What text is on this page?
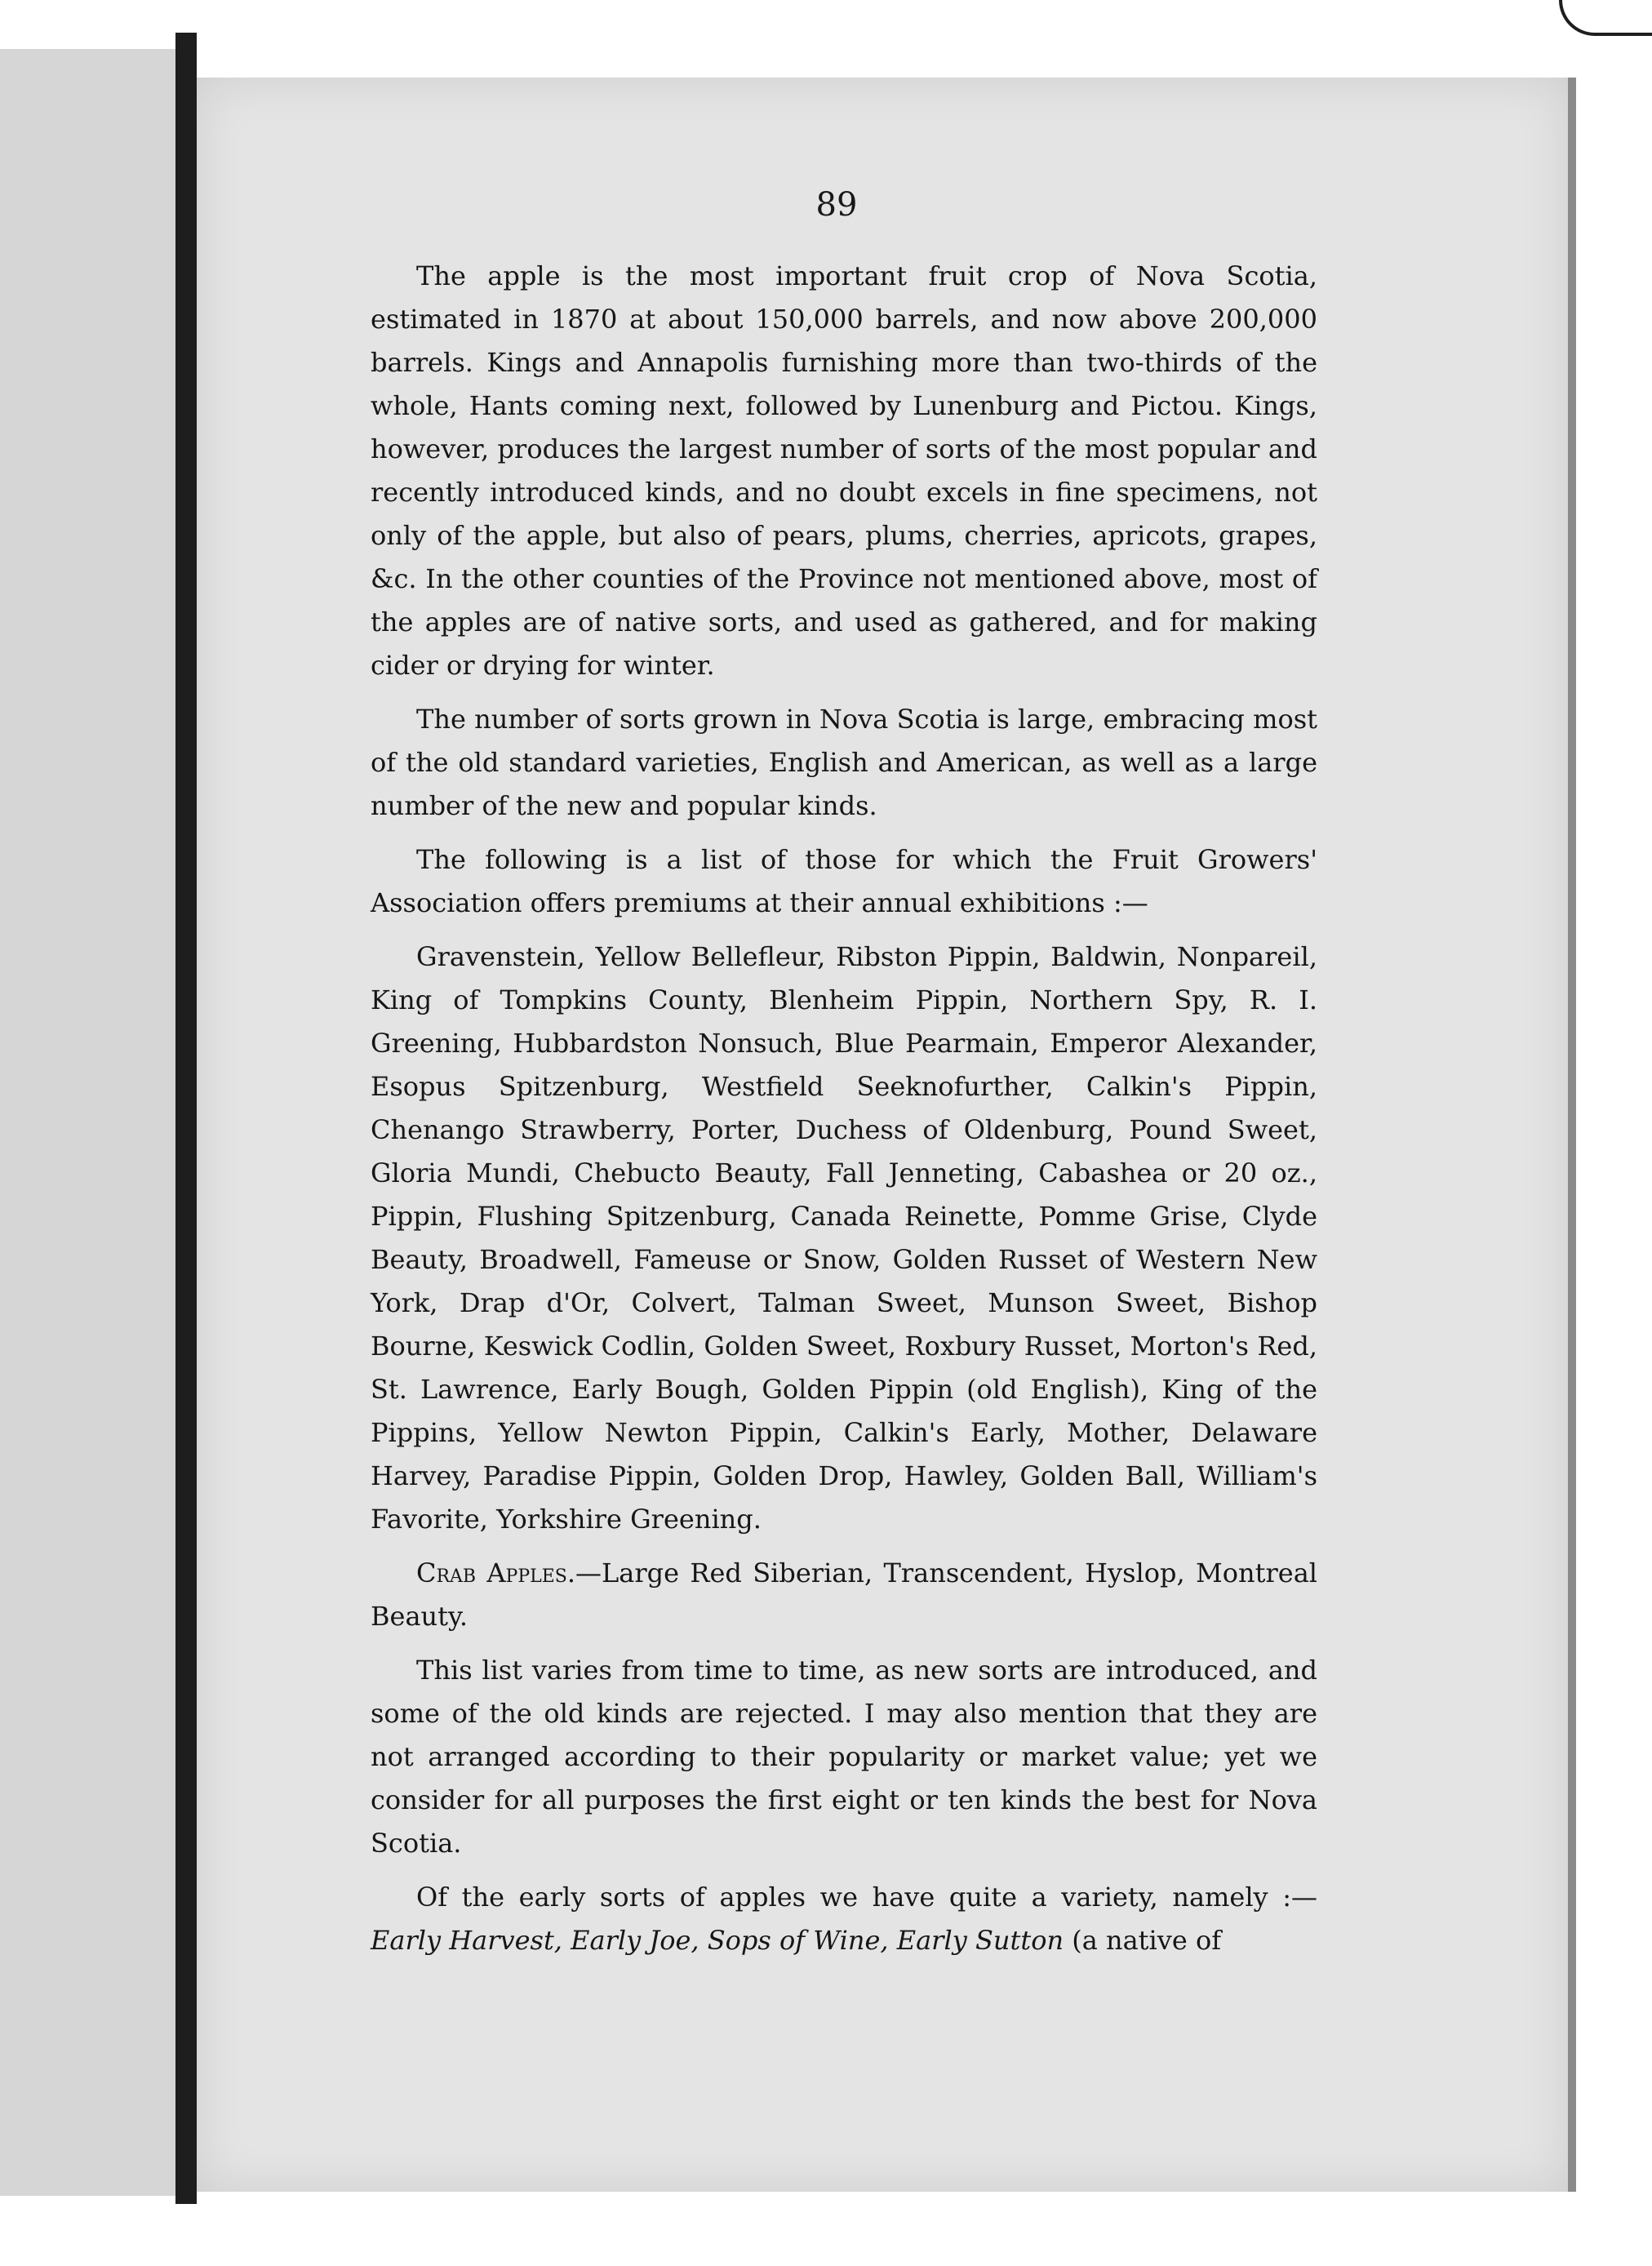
89

The apple is the most important fruit crop of Nova Scotia, estimated in 1870 at about 150,000 barrels, and now above 200,000 barrels. Kings and Annapolis furnishing more than two-thirds of the whole, Hants coming next, followed by Lunenburg and Pictou. Kings, however, produces the largest number of sorts of the most popular and recently introduced kinds, and no doubt excels in fine specimens, not only of the apple, but also of pears, plums, cherries, apricots, grapes, &c. In the other counties of the Province not mentioned above, most of the apples are of native sorts, and used as gathered, and for making cider or drying for winter.

The number of sorts grown in Nova Scotia is large, embracing most of the old standard varieties, English and American, as well as a large number of the new and popular kinds.

The following is a list of those for which the Fruit Growers' Association offers premiums at their annual exhibitions :—

Gravenstein, Yellow Bellefleur, Ribston Pippin, Baldwin, Nonpareil, King of Tompkins County, Blenheim Pippin, Northern Spy, R. I. Greening, Hubbardston Nonsuch, Blue Pearmain, Emperor Alexander, Esopus Spitzenburg, Westfield Seeknofurther, Calkin's Pippin, Chenango Strawberry, Porter, Duchess of Oldenburg, Pound Sweet, Gloria Mundi, Chebucto Beauty, Fall Jenneting, Cabashea or 20 oz., Pippin, Flushing Spitzenburg, Canada Reinette, Pomme Grise, Clyde Beauty, Broadwell, Fameuse or Snow, Golden Russet of Western New York, Drap d'Or, Colvert, Talman Sweet, Munson Sweet, Bishop Bourne, Keswick Codlin, Golden Sweet, Roxbury Russet, Morton's Red, St. Lawrence, Early Bough, Golden Pippin (old English), King of the Pippins, Yellow Newton Pippin, Calkin's Early, Mother, Delaware Harvey, Paradise Pippin, Golden Drop, Hawley, Golden Ball, William's Favorite, Yorkshire Greening.

Crab Apples.—Large Red Siberian, Transcendent, Hyslop, Montreal Beauty.

This list varies from time to time, as new sorts are introduced, and some of the old kinds are rejected. I may also mention that they are not arranged according to their popularity or market value; yet we consider for all purposes the first eight or ten kinds the best for Nova Scotia.

Of the early sorts of apples we have quite a variety, namely :— Early Harvest, Early Joe, Sops of Wine, Early Sutton (a native of
